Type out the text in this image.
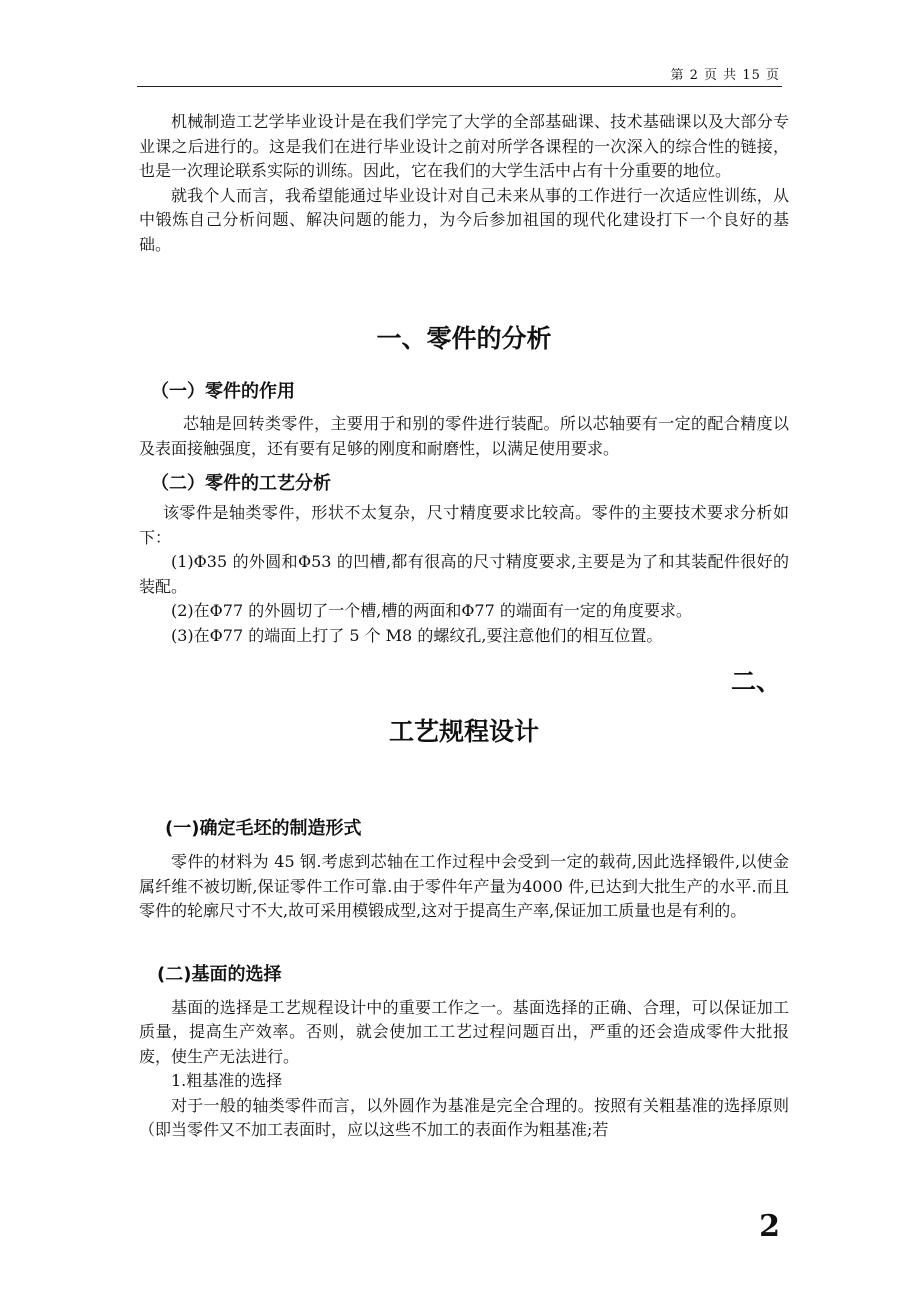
第 2 页 共 15 页

机械制造工艺学毕业设计是在我们学完了大学的全部基础课、技术基础课以及大部分专业课之后进行的。这是我们在进行毕业设计之前对所学各课程的一次深入的综合性的链接，也是一次理论联系实际的训练。因此，它在我们的大学生活中占有十分重要的地位。

就我个人而言，我希望能通过毕业设计对自己未来从事的工作进行一次适应性训练，从中锻炼自己分析问题、解决问题的能力，为今后参加祖国的现代化建设打下一个良好的基础。

一、零件的分析
（一）零件的作用

芯轴是回转类零件，主要用于和别的零件进行装配。所以芯轴要有一定的配合精度以及表面接触强度，还有要有足够的刚度和耐磨性，以满足使用要求。

（二）零件的工艺分析

该零件是轴类零件，形状不太复杂，尺寸精度要求比较高。零件的主要技术要求分析如下：

(1)Φ35 的外圆和Φ53 的凹槽,都有很高的尺寸精度要求,主要是为了和其装配件很好的装配。

(2)在Φ77 的外圆切了一个槽,槽的两面和Φ77 的端面有一定的角度要求。

(3)在Φ77 的端面上打了 5 个 M8 的螺纹孔,要注意他们的相互位置。

二、
工艺规程设计
(一)确定毛坯的制造形式

零件的材料为 45 钢.考虑到芯轴在工作过程中会受到一定的载荷,因此选择锻件,以使金属纤维不被切断,保证零件工作可靠.由于零件年产量为4000 件,已达到大批生产的水平.而且零件的轮廓尺寸不大,故可采用模锻成型,这对于提高生产率,保证加工质量也是有利的。

(二)基面的选择

基面的选择是工艺规程设计中的重要工作之一。基面选择的正确、合理，可以保证加工质量，提高生产效率。否则，就会使加工工艺过程问题百出，严重的还会造成零件大批报废，使生产无法进行。

1.粗基准的选择

对于一般的轴类零件而言，以外圆作为基准是完全合理的。按照有关粗基准的选择原则（即当零件又不加工表面时，应以这些不加工的表面作为粗基准;若

2
